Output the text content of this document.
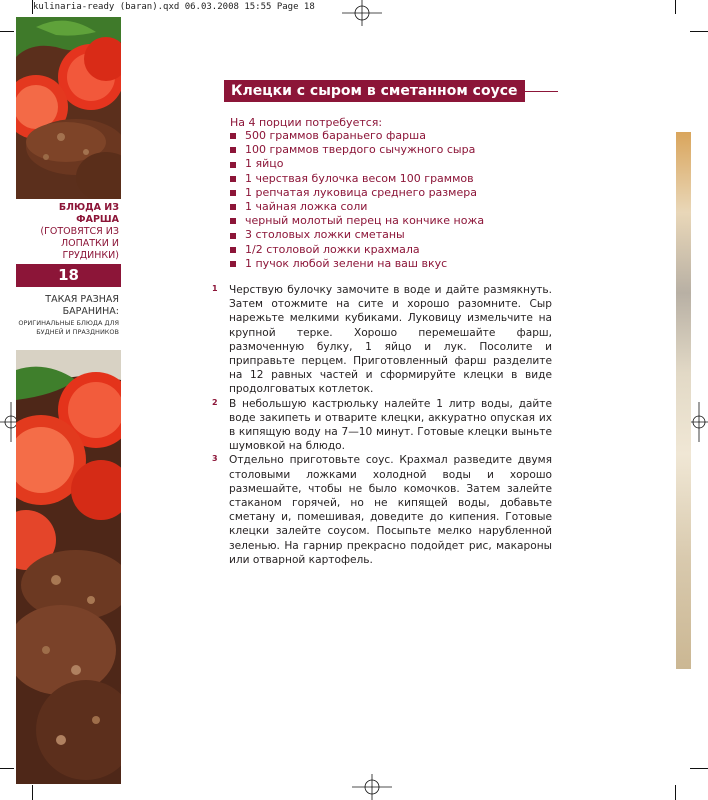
kulinaria-ready (baran).qxd 06.03.2008 15:55 Page 18
БЛЮДА ИЗ ФАРША
(ГОТОВЯТСЯ ИЗ ЛОПАТКИ И ГРУДИНКИ)
18
ТАКАЯ РАЗНАЯ БАРАНИНА:
ОРИГИНАЛЬНЫЕ БЛЮДА ДЛЯ БУДНЕЙ И ПРАЗДНИКОВ
Клецки с сыром в сметанном соусе
На 4 порции потребуется:
500 граммов бараньего фарша
100 граммов твердого сычужного сыра
1 яйцо
1 черствая булочка весом 100 граммов
1 репчатая луковица среднего размера
1 чайная ложка соли
черный молотый перец на кончике ножа
3 столовых ложки сметаны
1/2 столовой ложки крахмала
1 пучок любой зелени на ваш вкус
1 Черствую булочку замочите в воде и дайте размякнуть. Затем отожмите на сите и хорошо разомните. Сыр нарежьте мелкими кубиками. Луковицу измельчите на крупной терке. Хорошо перемешайте фарш, размоченную булку, 1 яйцо и лук. Посолите и приправьте перцем. Приготовленный фарш разделите на 12 равных частей и сформируйте клецки в виде продолговатых котлеток.
2 В небольшую кастрюльку налейте 1 литр воды, дайте воде закипеть и отварите клецки, аккуратно опуская их в кипящую воду на 7—10 минут. Готовые клецки выньте шумовкой на блюдо.
3 Отдельно приготовьте соус. Крахмал разведите двумя столовыми ложками холодной воды и хорошо размешайте, чтобы не было комочков. Затем залейте стаканом горячей, но не кипящей воды, добавьте сметану и, помешивая, доведите до кипения. Готовые клецки залейте соусом. Посыпьте мелко нарубленной зеленью. На гарнир прекрасно подойдет рис, макароны или отварной картофель.
